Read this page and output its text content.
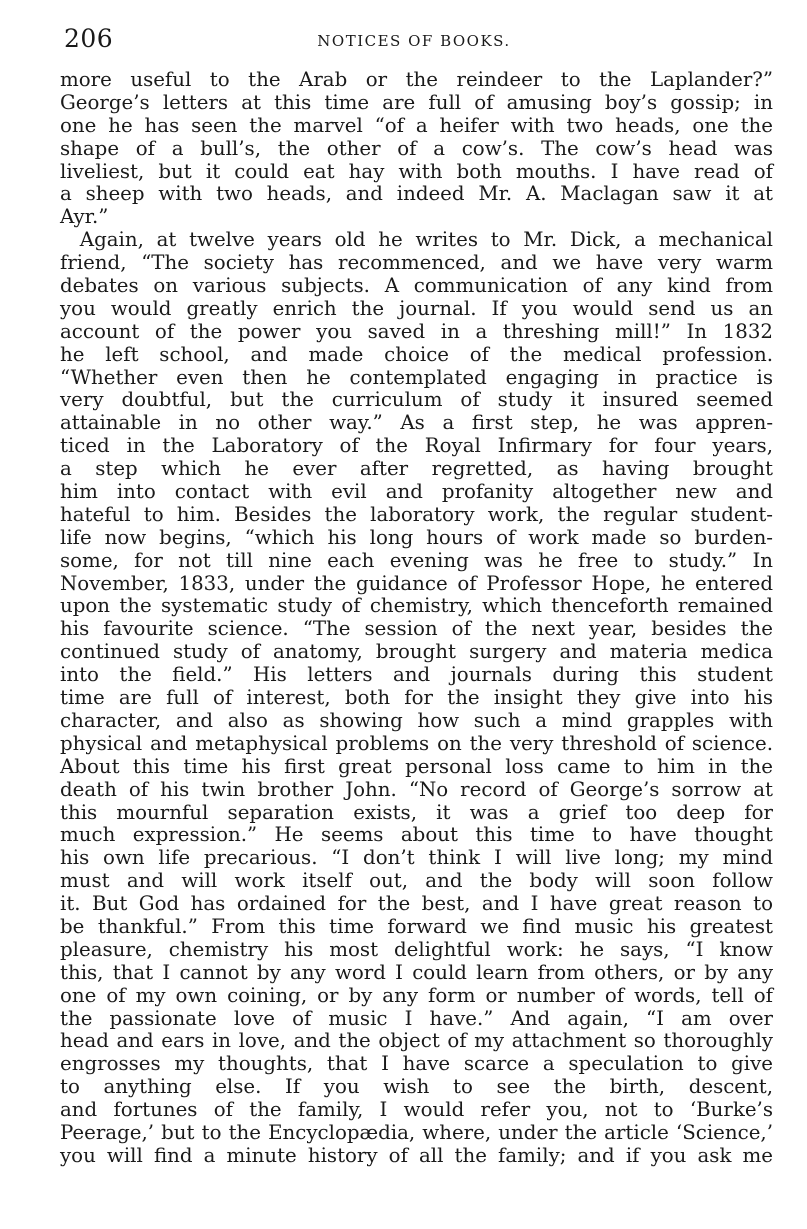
206	NOTICES OF BOOKS.
more useful to the Arab or the reindeer to the Laplander?”
George’s letters at this time are full of amusing boy’s gossip; in
one he has seen the marvel “of a heifer with two heads, one the
shape of a bull’s, the other of a cow’s. The cow’s head was
liveliest, but it could eat hay with both mouths. I have read of
a sheep with two heads, and indeed Mr. A. Maclagan saw it at
Ayr.”
 Again, at twelve years old he writes to Mr. Dick, a mechanical
friend, “The society has recommenced, and we have very warm
debates on various subjects. A communication of any kind from
you would greatly enrich the journal. If you would send us an
account of the power you saved in a threshing mill!” In 1832
he left school, and made choice of the medical profession.
“Whether even then he contemplated engaging in practice is
very doubtful, but the curriculum of study it insured seemed
attainable in no other way.” As a first step, he was appren-
ticed in the Laboratory of the Royal Infirmary for four years,
a step which he ever after regretted, as having brought
him into contact with evil and profanity altogether new and
hateful to him. Besides the laboratory work, the regular student-
life now begins, “which his long hours of work made so burden-
some, for not till nine each evening was he free to study.” In
November, 1833, under the guidance of Professor Hope, he entered
upon the systematic study of chemistry, which thenceforth remained
his favourite science. “The session of the next year, besides the
continued study of anatomy, brought surgery and materia medica
into the field.” His letters and journals during this student
time are full of interest, both for the insight they give into his
character, and also as showing how such a mind grapples with
physical and metaphysical problems on the very threshold of science.
About this time his first great personal loss came to him in the
death of his twin brother John. “No record of George’s sorrow at
this mournful separation exists, it was a grief too deep for
much expression.” He seems about this time to have thought
his own life precarious. “I don’t think I will live long; my mind
must and will work itself out, and the body will soon follow
it. But God has ordained for the best, and I have great reason to
be thankful.” From this time forward we find music his greatest
pleasure, chemistry his most delightful work: he says, “I know
this, that I cannot by any word I could learn from others, or by any
one of my own coining, or by any form or number of words, tell of
the passionate love of music I have.” And again, “I am over
head and ears in love, and the object of my attachment so thoroughly
engrosses my thoughts, that I have scarce a speculation to give
to anything else. If you wish to see the birth, descent,
and fortunes of the family, I would refer you, not to ‘Burke’s
Peerage,’ but to the Encyclopædia, where, under the article ‘Science,’
you will find a minute history of all the family; and if you ask me
